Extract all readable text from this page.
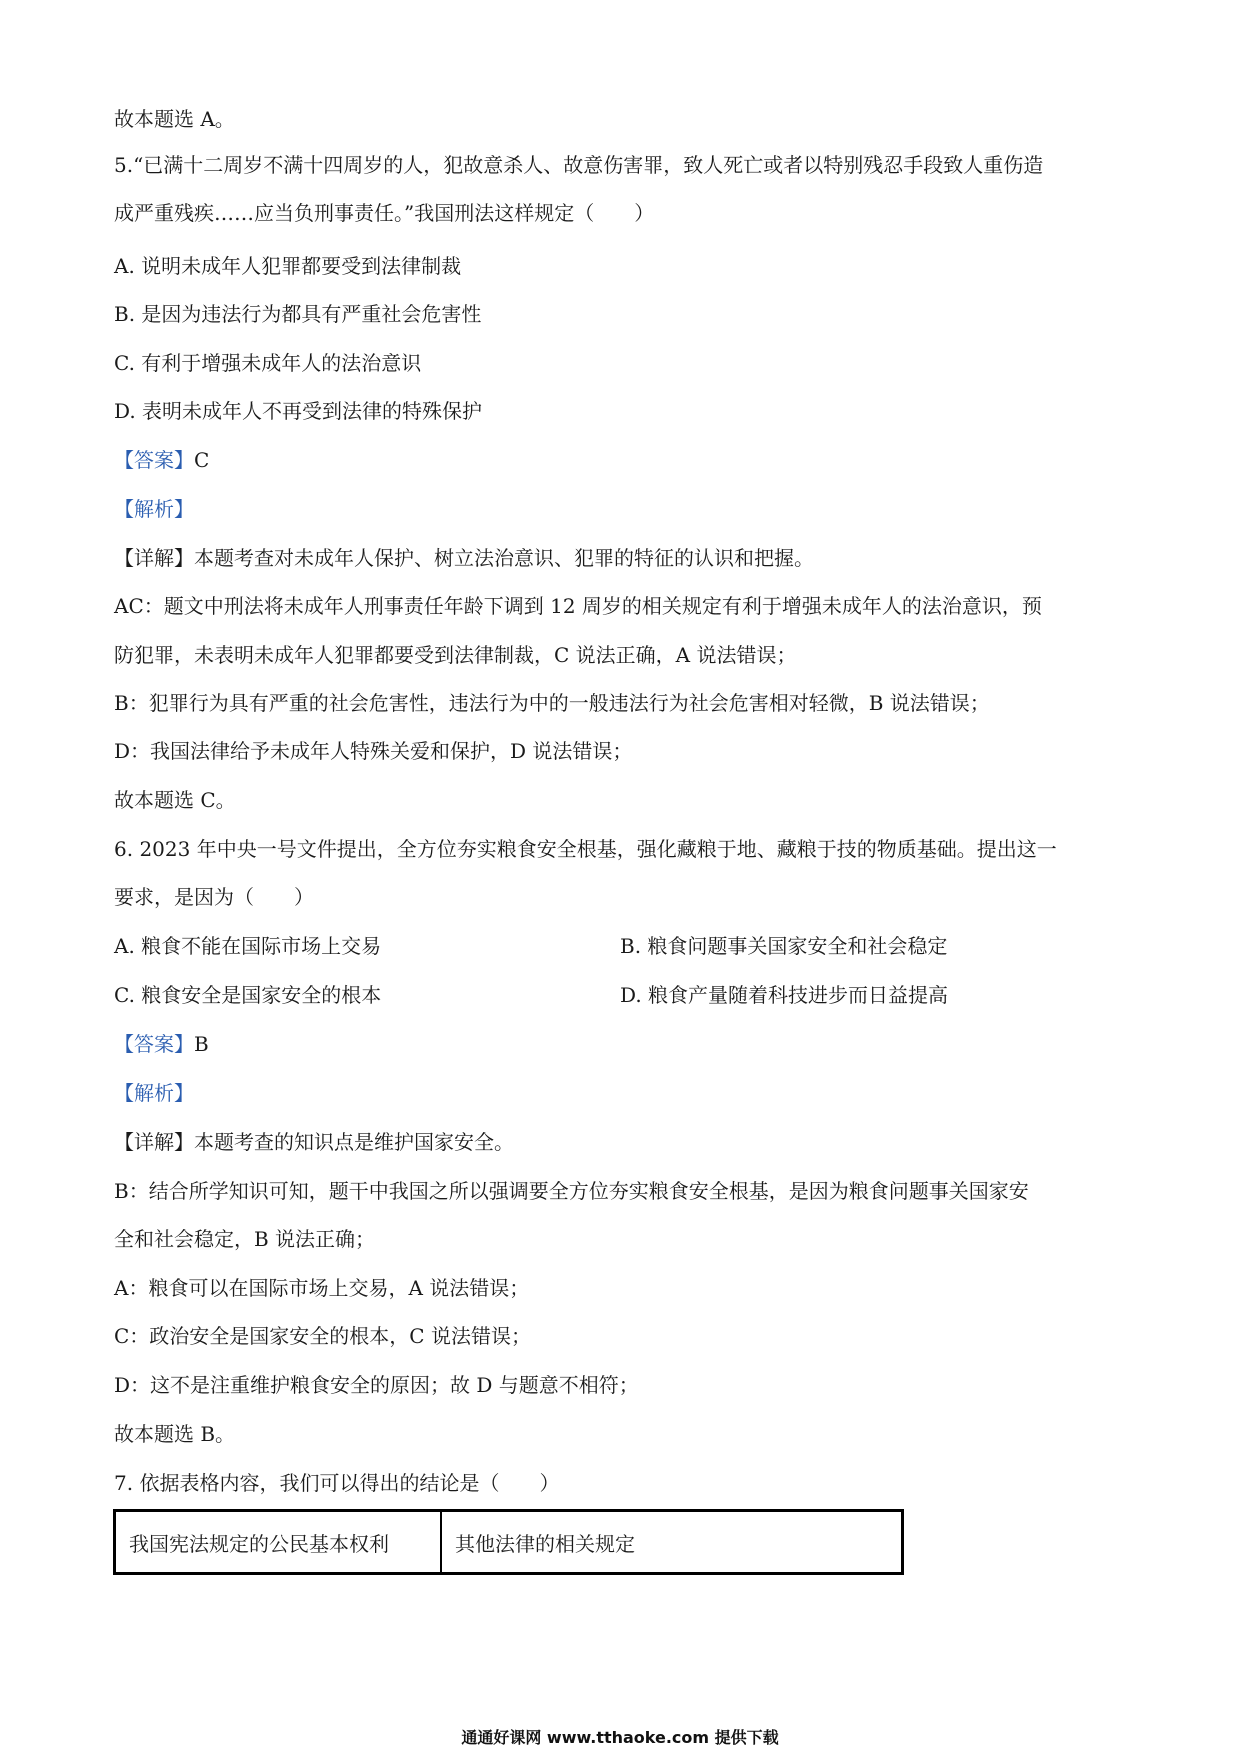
故本题选 A。
5.“已满十二周岁不满十四周岁的人，犯故意杀人、故意伤害罪，致人死亡或者以特别残忍手段致人重伤造
成严重残疾……应当负刑事责任。”我国刑法这样规定（　　）
A. 说明未成年人犯罪都要受到法律制裁
B. 是因为违法行为都具有严重社会危害性
C. 有利于增强未成年人的法治意识
D. 表明未成年人不再受到法律的特殊保护
【答案】C
【解析】
【详解】本题考查对未成年人保护、树立法治意识、犯罪的特征的认识和把握。
AC：题文中刑法将未成年人刑事责任年龄下调到 12 周岁的相关规定有利于增强未成年人的法治意识，预
防犯罪，未表明未成年人犯罪都要受到法律制裁，C 说法正确，A 说法错误；
B：犯罪行为具有严重的社会危害性，违法行为中的一般违法行为社会危害相对轻微，B 说法错误；
D：我国法律给予未成年人特殊关爱和保护，D 说法错误；
故本题选 C。
6. 2023 年中央一号文件提出，全方位夯实粮食安全根基，强化藏粮于地、藏粮于技的物质基础。提出这一
要求，是因为（　　）
A. 粮食不能在国际市场上交易	B. 粮食问题事关国家安全和社会稳定
C. 粮食安全是国家安全的根本	D. 粮食产量随着科技进步而日益提高
【答案】B
【解析】
【详解】本题考查的知识点是维护国家安全。
B：结合所学知识可知，题干中我国之所以强调要全方位夯实粮食安全根基，是因为粮食问题事关国家安
全和社会稳定，B 说法正确；
A：粮食可以在国际市场上交易，A 说法错误；
C：政治安全是国家安全的根本，C 说法错误；
D：这不是注重维护粮食安全的原因；故 D 与题意不相符；
故本题选 B。
7. 依据表格内容，我们可以得出的结论是（　　）
我国宪法规定的公民基本权利	其他法律的相关规定
通通好课网 www.tthaoke.com 提供下载
